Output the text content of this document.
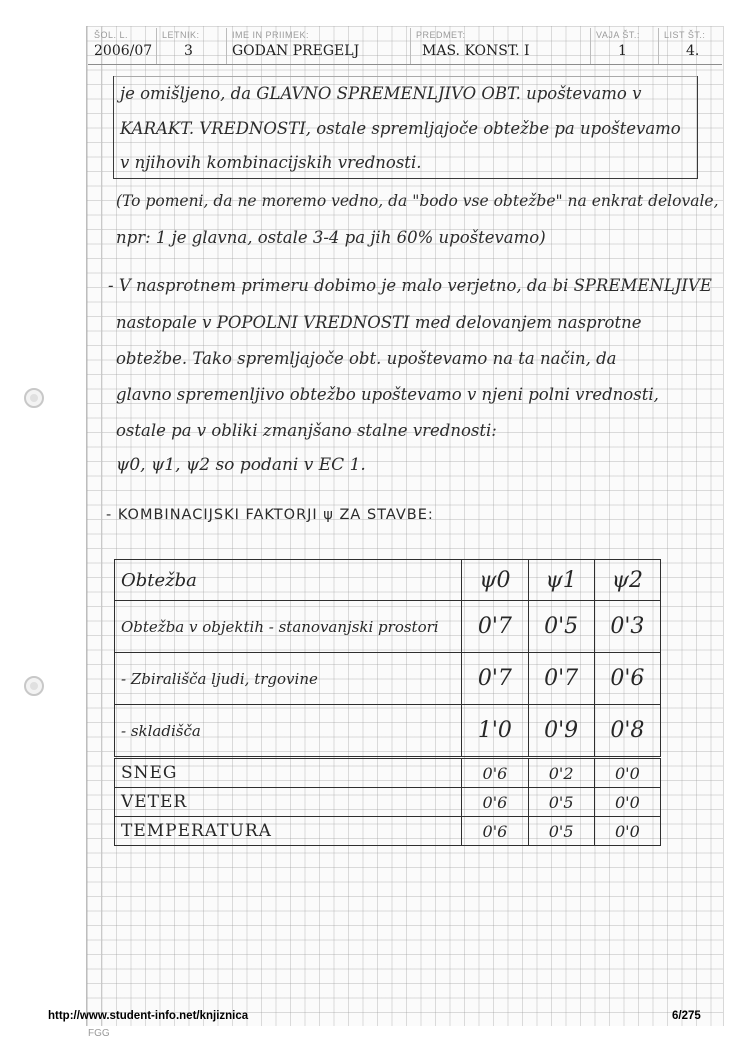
ŠOL. L.
2006/07
LETNIK:
3
IME IN PRIIMEK:
GODAN PREGELJ
PREDMET:
MAS. KONST. I
VAJA ŠT.:
1
LIST ŠT.:
4.
je omišljeno, da GLAVNO SPREMENLJIVO OBT. upoštevamo v
KARAKT. VREDNOSTI, ostale spremljajoče obtežbe pa upoštevamo
v njihovih kombinacijskih vrednosti.
(To pomeni, da ne moremo vedno, da "bodo vse obtežbe" na enkrat delovale,
npr: 1 je glavna, ostale 3-4 pa jih 60% upoštevamo)
- V nasprotnem primeru dobimo je malo verjetno, da bi SPREMENLJIVE
nastopale v POPOLNI VREDNOSTI med delovanjem nasprotne
obtežbe. Tako spremljajoče obt. upoštevamo na ta način, da
glavno spremenljivo obtežbo upoštevamo v njeni polni vrednosti,
ostale pa v obliki zmanjšano stalne vrednosti:
ψ0, ψ1, ψ2 so podani v EC 1.
- KOMBINACIJSKI FAKTORJI ψ ZA STAVBE:
Obtežba	ψ0	ψ1	ψ2
Obtežba v objektih - stanovanjski prostori	0'7	0'5	0'3
- Zbirališča ljudi, trgovine	0'7	0'7	0'6
- skladišča	1'0	0'9	0'8
SNEG	0'6	0'2	0'0
VETER	0'6	0'5	0'0
TEMPERATURA	0'6	0'5	0'0
http://www.student-info.net/knjiznica	6/275
FGG
